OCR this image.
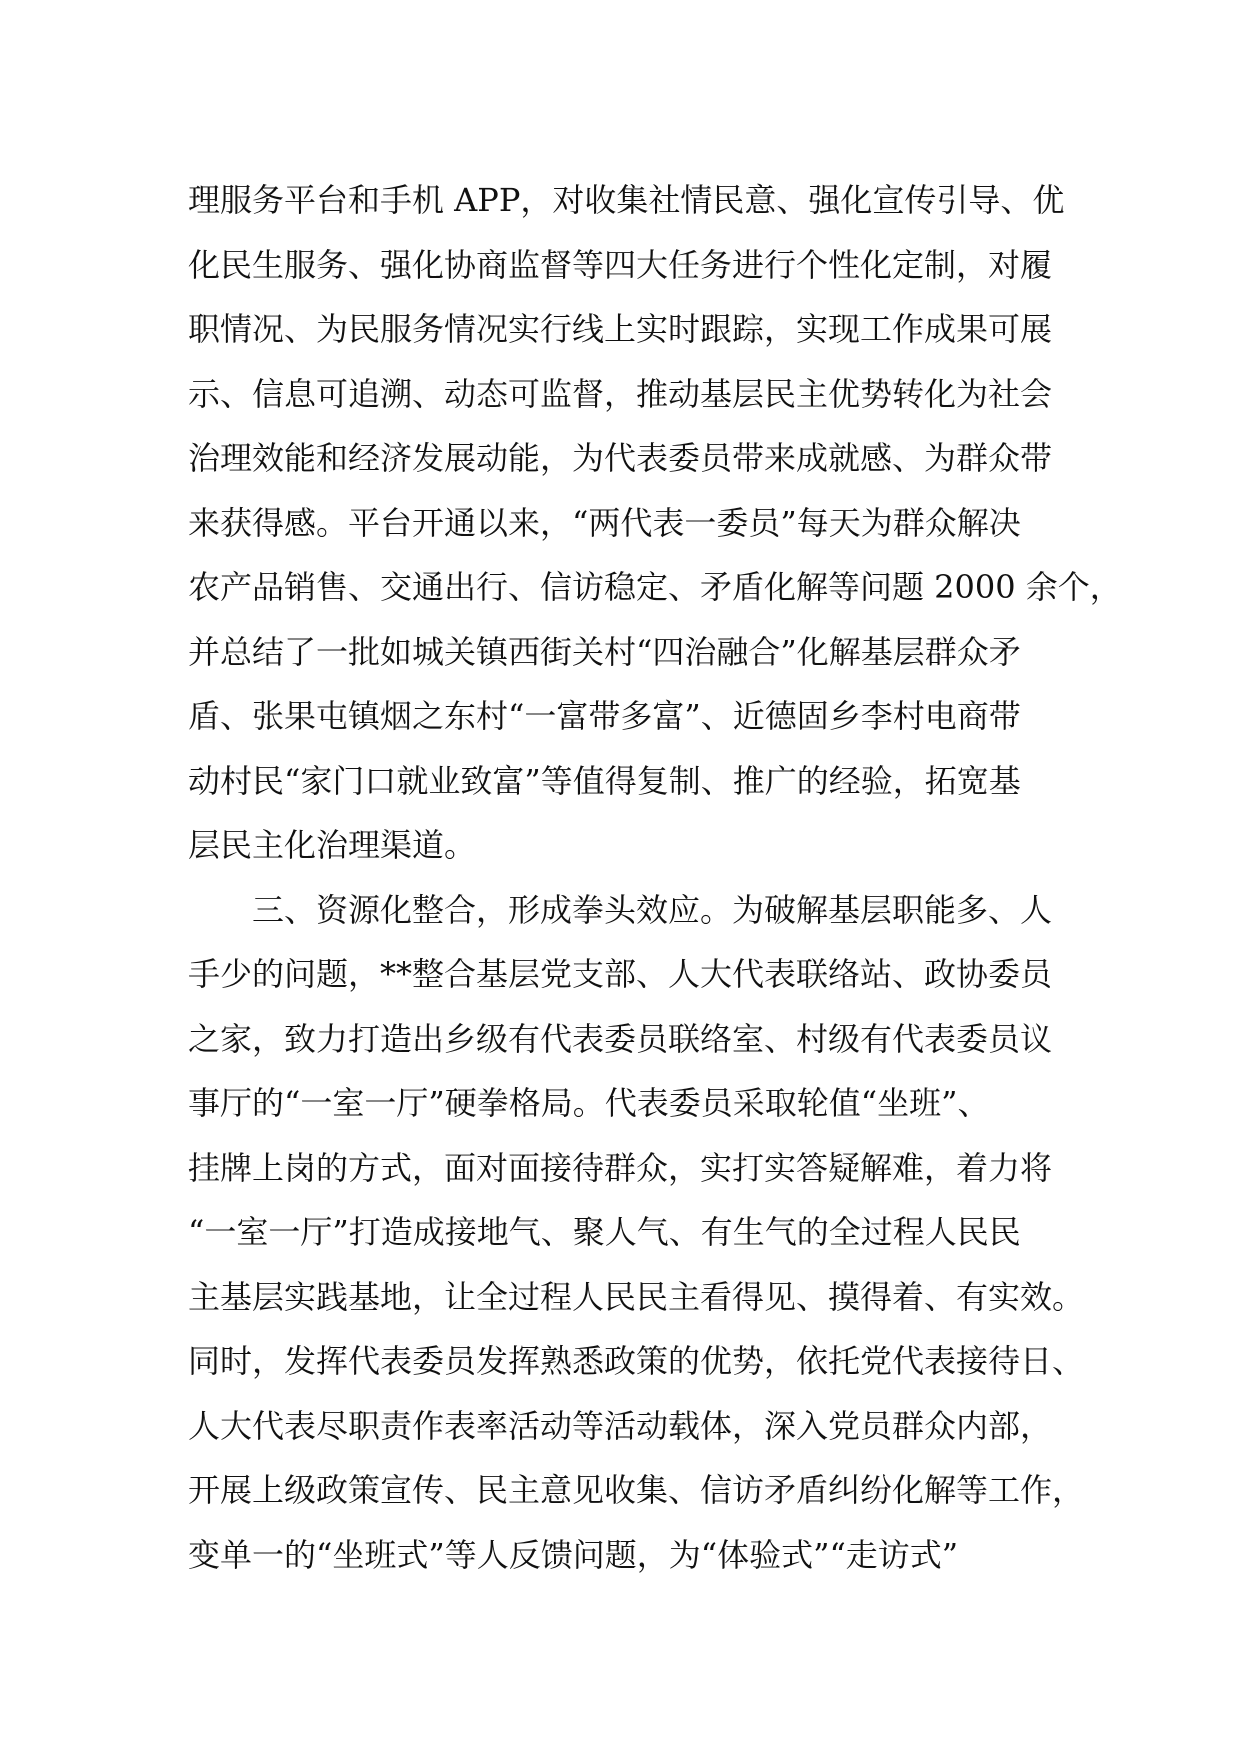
理服务平台和手机 APP，对收集社情民意、强化宣传引导、优
化民生服务、强化协商监督等四大任务进行个性化定制，对履
职情况、为民服务情况实行线上实时跟踪，实现工作成果可展
示、信息可追溯、动态可监督，推动基层民主优势转化为社会
治理效能和经济发展动能，为代表委员带来成就感、为群众带
来获得感。平台开通以来，“两代表一委员”每天为群众解决
农产品销售、交通出行、信访稳定、矛盾化解等问题 2000 余个，
并总结了一批如城关镇西街关村“四治融合”化解基层群众矛
盾、张果屯镇烟之东村“一富带多富”、近德固乡李村电商带
动村民“家门口就业致富”等值得复制、推广的经验，拓宽基
层民主化治理渠道。
三、资源化整合，形成拳头效应。为破解基层职能多、人
手少的问题，**整合基层党支部、人大代表联络站、政协委员
之家，致力打造出乡级有代表委员联络室、村级有代表委员议
事厅的“一室一厅”硬拳格局。代表委员采取轮值“坐班”、
挂牌上岗的方式，面对面接待群众，实打实答疑解难，着力将
“一室一厅”打造成接地气、聚人气、有生气的全过程人民民
主基层实践基地，让全过程人民民主看得见、摸得着、有实效。
同时，发挥代表委员发挥熟悉政策的优势，依托党代表接待日、
人大代表尽职责作表率活动等活动载体，深入党员群众内部，
开展上级政策宣传、民主意见收集、信访矛盾纠纷化解等工作，
变单一的“坐班式”等人反馈问题，为“体验式”“走访式”
